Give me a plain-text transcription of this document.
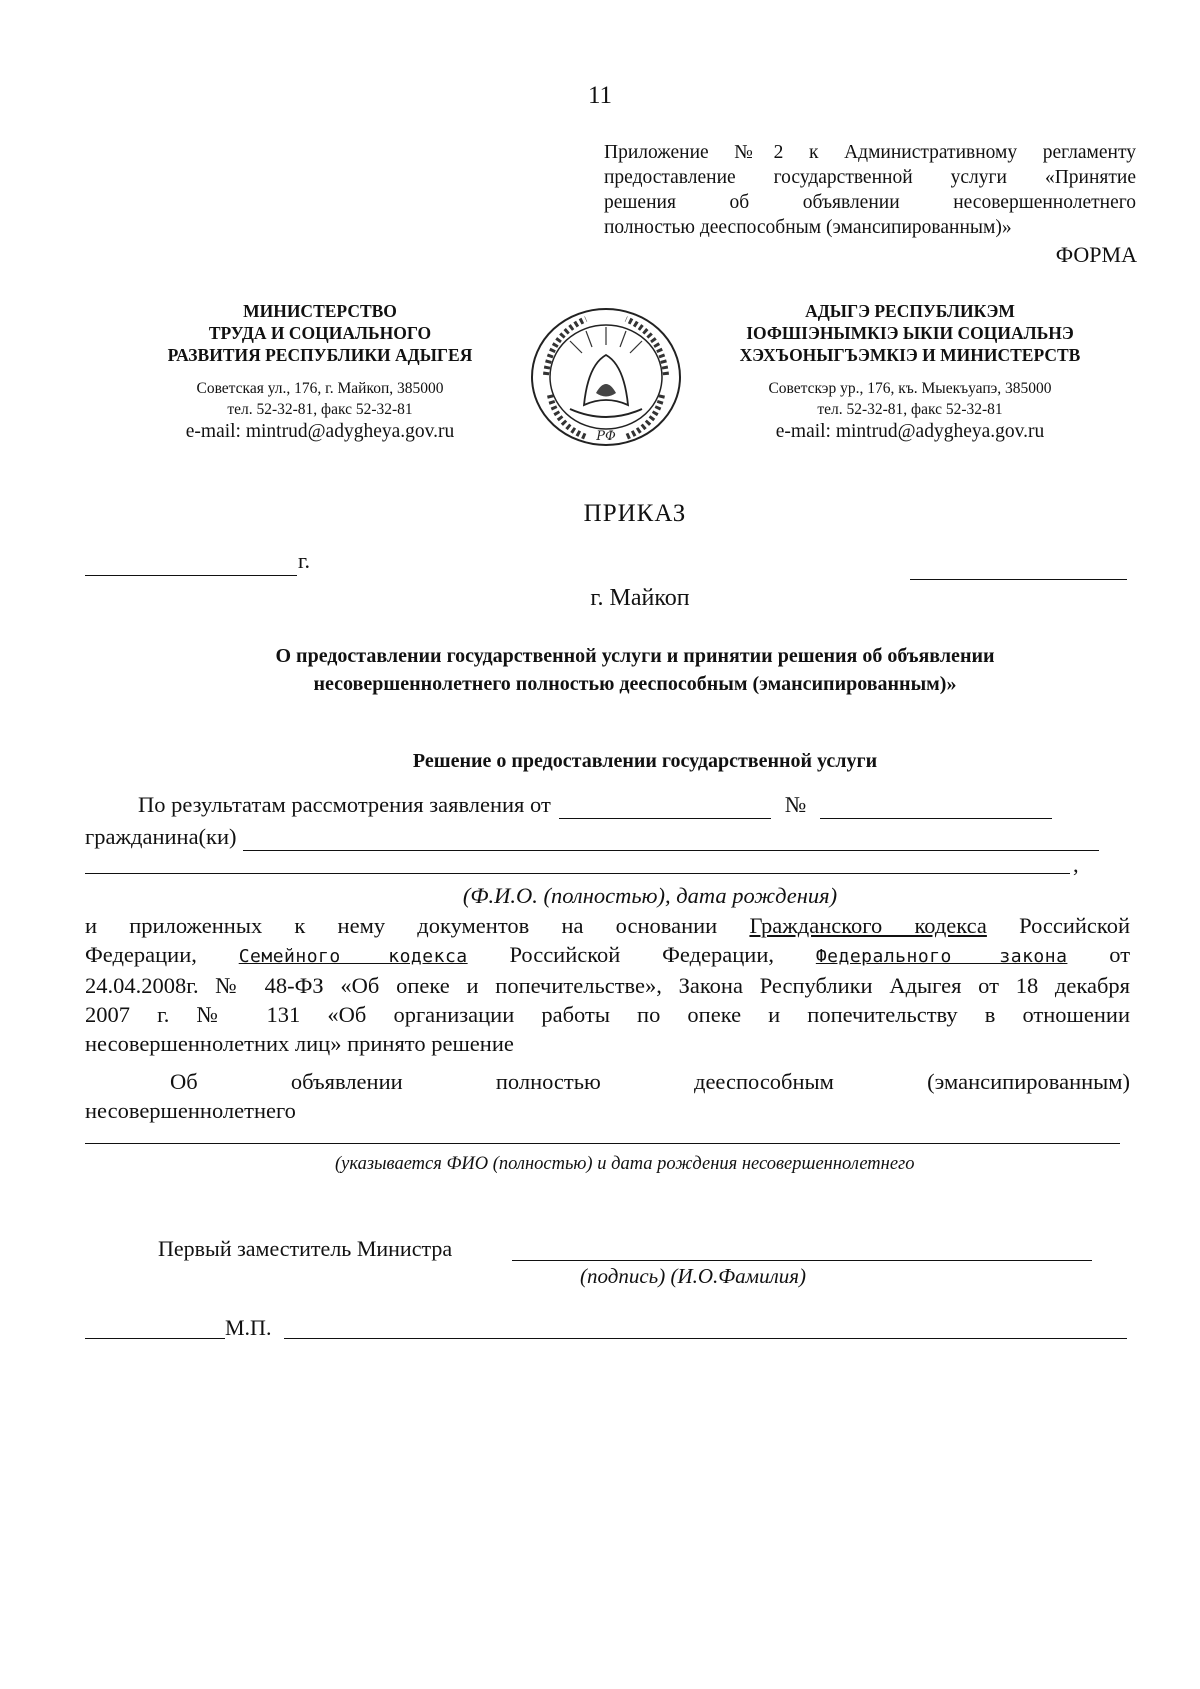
11
Приложение №2 к Административному регламенту
предоставление государственной услуги «Принятие
решения об объявлении несовершеннолетнего
полностью дееспособным (эмансипированным)»
ФОРМА
МИНИСТЕРСТВО
ТРУДА И СОЦИАЛЬНОГО
РАЗВИТИЯ РЕСПУБЛИКИ АДЫГЕЯ
Советская ул., 176, г. Майкоп, 385000
тел. 52-32-81, факс 52-32-81
e-mail: mintrud@adygheya.gov.ru	РФ
АДЫГЭ РЕСПУБЛИКЭМ
IОФШIЭНЫМКIЭ ЫКIИ СОЦИАЛЬНЭ
ХЭХЪОНЫГЪЭМКIЭ И МИНИСТЕРСТВ
Советскэр ур., 176, къ. Мыекъуапэ, 385000
тел. 52-32-81, факс 52-32-81
e-mail: mintrud@adygheya.gov.ru
ПРИКАЗ
г.
г. Майкоп
О предоставлении государственной услуги и принятии решения об объявлении
несовершеннолетнего полностью дееспособным (эмансипированным)»
Решение о предоставлении государственной услуги
По результатам рассмотрения заявления от	№
гражданина(ки)
,
(Ф.И.О. (полностью), дата рождения)
и приложенных к нему документов на основании Гражданского кодекса Российской
Федерации, Семейного кодекса Российской Федерации, Федерального закона от
24.04.2008г. № 48-ФЗ «Об опеке и попечительстве», Закона Республики Адыгея от 18 декабря
2007 г. № 131 «Об организации работы по опеке и попечительству в отношении
несовершеннолетних лиц» принято решение
Об объявлении полностью дееспособным (эмансипированным)
несовершеннолетнего
(указывается ФИО (полностью) и дата рождения несовершеннолетнего
Первый заместитель Министра
(подпись) (И.О.Фамилия)
М.П.
